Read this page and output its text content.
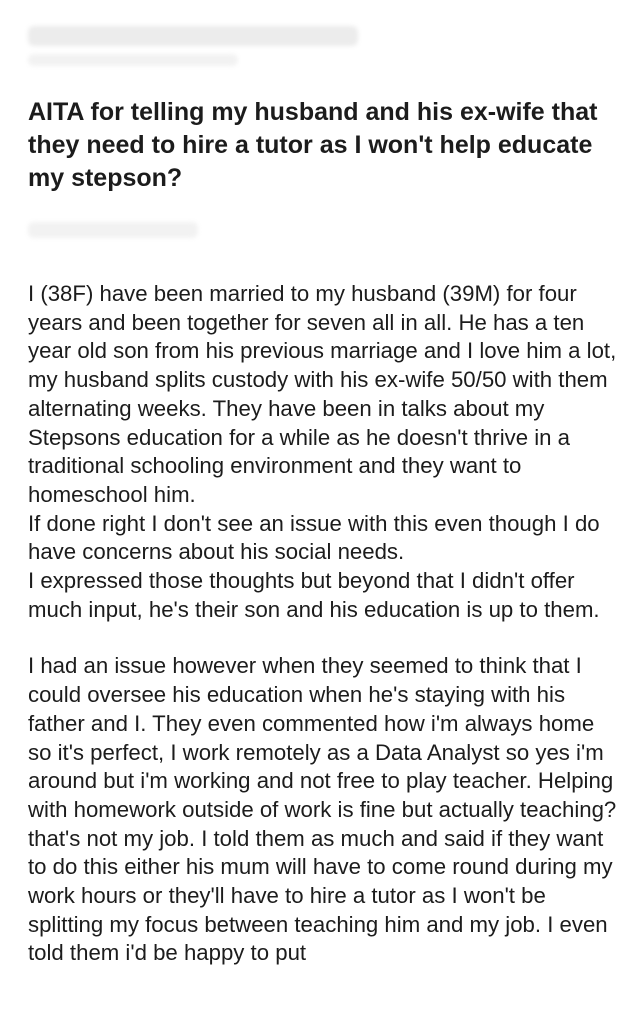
AITA for telling my husband and his ex-wife that they need to hire a tutor as I won't help educate my stepson?

I (38F) have been married to my husband (39M) for four years and been together for seven all in all. He has a ten year old son from his previous marriage and I love him a lot, my husband splits custody with his ex-wife 50/50 with them alternating weeks. They have been in talks about my Stepsons education for a while as he doesn't thrive in a traditional schooling environment and they want to homeschool him.
If done right I don't see an issue with this even though I do have concerns about his social needs.
I expressed those thoughts but beyond that I didn't offer much input, he's their son and his education is up to them.

I had an issue however when they seemed to think that I could oversee his education when he's staying with his father and I. They even commented how i'm always home so it's perfect, I work remotely as a Data Analyst so yes i'm around but i'm working and not free to play teacher. Helping with homework outside of work is fine but actually teaching? that's not my job. I told them as much and said if they want to do this either his mum will have to come round during my work hours or they'll have to hire a tutor as I won't be splitting my focus between teaching him and my job. I even told them i'd be happy to put
